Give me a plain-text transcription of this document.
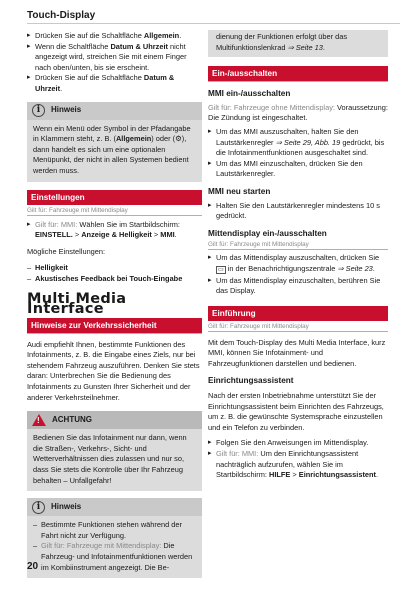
Touch-Display
▸ Drücken Sie auf die Schaltfläche Allgemein.
▸ Wenn die Schaltfläche Datum & Uhrzeit nicht angezeigt wird, streichen Sie mit einem Finger nach oben/unten, bis sie erscheint.
▸ Drücken Sie auf die Schaltfläche Datum & Uhrzeit.
i	Hinweis
Wenn ein Menü oder Symbol in der Pfadangabe in Klammern steht, z. B. (Allgemein) oder (⚙), dann handelt es sich um eine optionalen Menüpunkt, der nicht in allen Systemen bedient werden muss.
Einstellungen
Gilt für: Fahrzeuge mit Mittendisplay
▸ Gilt für: MMI: Wählen Sie im Startbildschirm: EINSTELL. > Anzeige & Helligkeit > MMI.
Mögliche Einstellungen:
– Helligkeit
– Akustisches Feedback bei Touch-Eingabe
Multi Media Interface
Hinweise zur Verkehrssicherheit
Audi empfiehlt Ihnen, bestimmte Funktionen des Infotainments, z. B. die Eingabe eines Ziels, nur bei stehendem Fahrzeug auszuführen. Denken Sie stets daran: Unterbrechen Sie die Bedienung des Infotainments zu Gunsten Ihrer Sicherheit und der anderer Verkehrsteilnehmer.
! ACHTUNG
Bedienen Sie das Infotainment nur dann, wenn die Straßen-, Verkehrs-, Sicht- und Wetterverhältnissen dies zulassen und nur so, dass Sie stets die Kontrolle über Ihr Fahrzeug behalten – Unfallgefahr!
i	Hinweis
– Bestimmte Funktionen stehen während der Fahrt nicht zur Verfügung.
– Gilt für: Fahrzeuge mit Mittendisplay: Die Fahrzeug- und Infotainmentfunktionen werden im Kombiinstrument angezeigt. Die Be-
dienung der Funktionen erfolgt über das Multifunktionslenkrad ⇒ Seite 13.
Ein-/ausschalten
MMI ein-/ausschalten
Gilt für: Fahrzeuge ohne Mittendisplay: Voraussetzung: Die Zündung ist eingeschaltet.
▸ Um das MMI auszuschalten, halten Sie den Lautstärkenregler ⇒ Seite 29, Abb. 19 gedrückt, bis die Infotainmentfunktionen ausgeschaltet sind.
▸ Um das MMI einzuschalten, drücken Sie den Lautstärkenregler.
MMI neu starten
▸ Halten Sie den Lautstärkenregler mindestens 10 s gedrückt.
Mittendisplay ein-/ausschalten
Gilt für: Fahrzeuge mit Mittendisplay
▸ Um das Mittendisplay auszuschalten, drücken Sie ▭ in der Benachrichtigungszentrale ⇒ Seite 23.
▸ Um das Mittendisplay einzuschalten, berühren Sie das Display.
Einführung
Gilt für: Fahrzeuge mit Mittendisplay
Mit dem Touch-Display des Multi Media Interface, kurz MMI, können Sie Infotainment- und Fahrzeugfunktionen darstellen und bedienen.
Einrichtungsassistent
Nach der ersten Inbetriebnahme unterstützt Sie der Einrichtungsassistent beim Einrichten des Fahrzeugs, um z. B. die gewünschte Systemsprache einzustellen und ein Telefon zu verbinden.
▸ Folgen Sie den Anweisungen im Mittendisplay.
▸ Gilt für: MMI: Um den Einrichtungsassistent nachträglich aufzurufen, wählen Sie im Startbildschirm: HILFE > Einrichtungsassistent.
20
